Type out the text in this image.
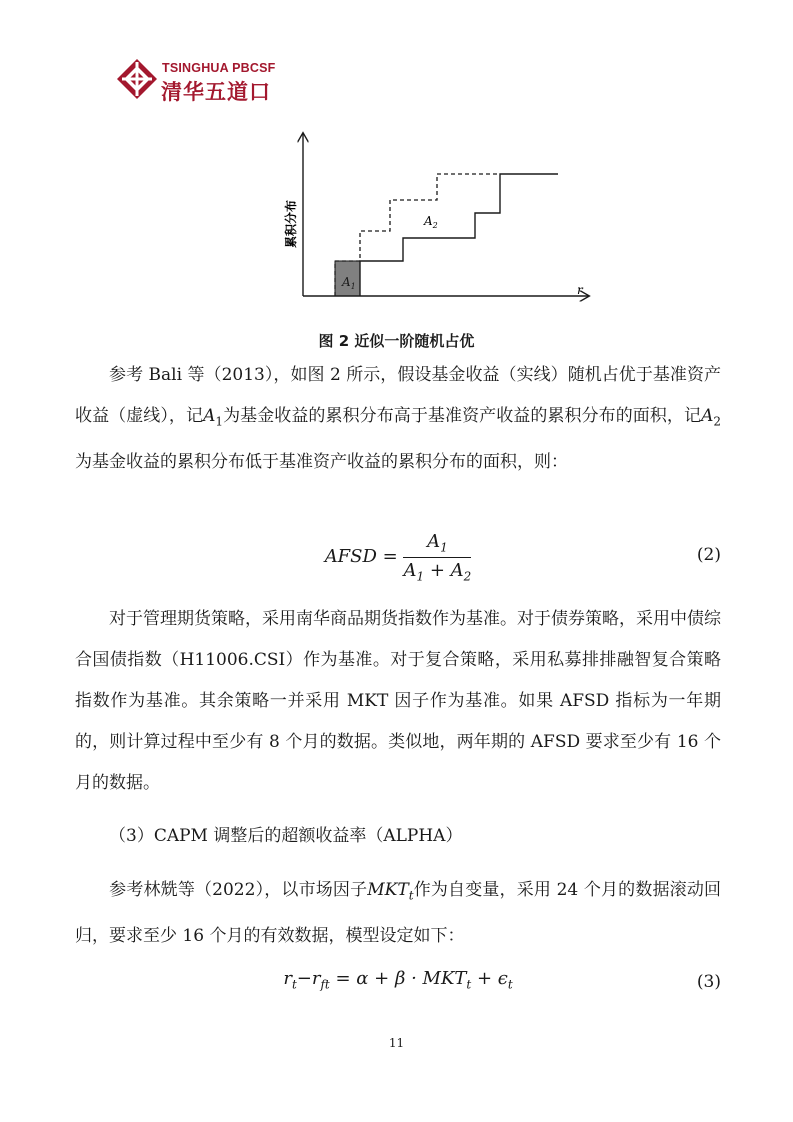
TSINGHUA PBCSF
清华五道口
累积分布
r
$A_1$
$A_2$
图 2 近似一阶随机占优

参考 Bali 等（2013），如图 2 所示，假设基金收益（实线）随机占优于基准资产收益（虚线），记$A_1$为基金收益的累积分布高于基准资产收益的累积分布的面积，记$A_2$为基金收益的累积分布低于基准资产收益的累积分布的面积，则：

AFSD = $\frac{A_1}{A_1 + A_2}$	(2)

对于管理期货策略，采用南华商品期货指数作为基准。对于债券策略，采用中债综合国债指数（H11006.CSI）作为基准。对于复合策略，采用私募排排融智复合策略指数作为基准。其余策略一并采用 MKT 因子作为基准。如果 AFSD 指标为一年期的，则计算过程中至少有 8 个月的数据。类似地，两年期的 AFSD 要求至少有 16 个月的数据。

（3）CAPM 调整后的超额收益率（ALPHA）

参考林兟等（2022），以市场因子$MKT_t$作为自变量，采用 24 个月的数据滚动回归，要求至少 16 个月的有效数据，模型设定如下：

$r_t-r_{ft} = \alpha + \beta \cdot MKT_t + \epsilon_t$	(3)
11
